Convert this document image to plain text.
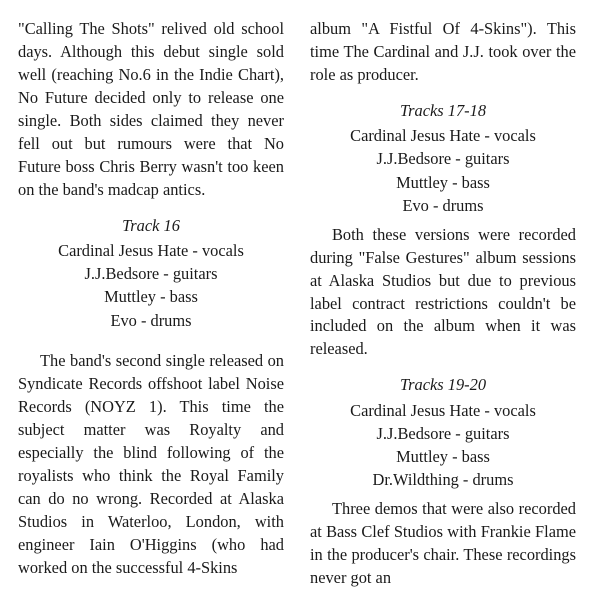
"Calling The Shots" relived old school days. Although this debut single sold well (reaching No.6 in the Indie Chart), No Future decided only to release one single. Both sides claimed they never fell out but rumours were that No Future boss Chris Berry wasn't too keen on the band's madcap antics.

Track 16
Cardinal Jesus Hate - vocals
J.J.Bedsore - guitars
Muttley - bass
Evo - drums

The band's second single released on Syndicate Records offshoot label Noise Records (NOYZ 1). This time the subject matter was Royalty and especially the blind following of the royalists who think the Royal Family can do no wrong. Recorded at Alaska Studios in Waterloo, London, with engineer Iain O'Higgins (who had worked on the successful 4-Skins

album "A Fistful Of 4-Skins"). This time The Cardinal and J.J. took over the role as producer.

Tracks 17-18
Cardinal Jesus Hate - vocals
J.J.Bedsore - guitars
Muttley - bass
Evo - drums

Both these versions were recorded during "False Gestures" album sessions at Alaska Studios but due to previous label contract restrictions couldn't be included on the album when it was released.

Tracks 19-20
Cardinal Jesus Hate - vocals
J.J.Bedsore - guitars
Muttley - bass
Dr.Wildthing - drums

Three demos that were also recorded at Bass Clef Studios with Frankie Flame in the producer's chair. These recordings never got an
